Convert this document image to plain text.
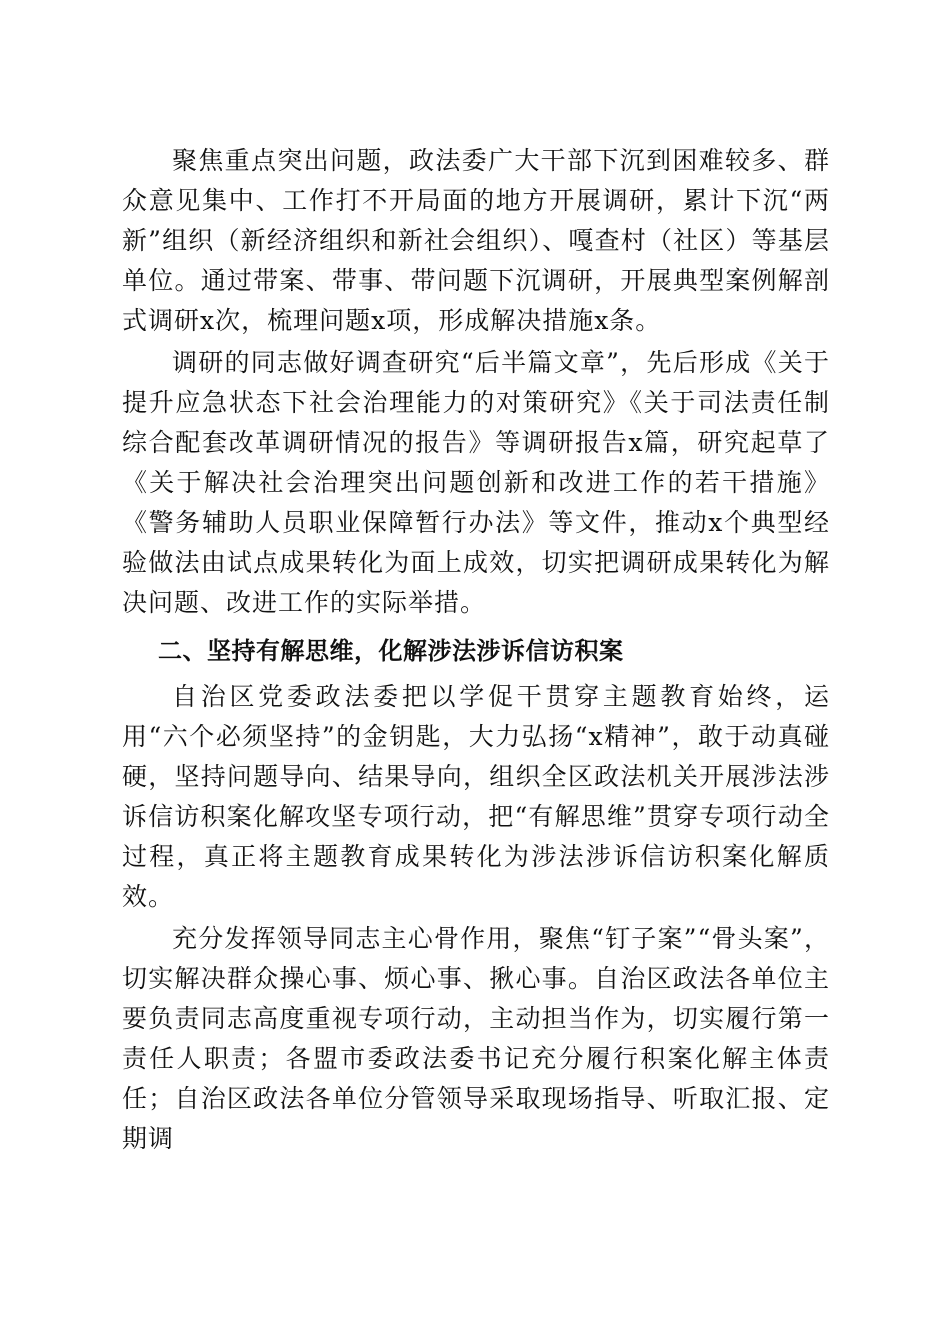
聚焦重点突出问题，政法委广大干部下沉到困难较多、群众意见集中、工作打不开局面的地方开展调研，累计下沉“两新”组织（新经济组织和新社会组织）、嘎查村（社区）等基层单位。通过带案、带事、带问题下沉调研，开展典型案例解剖式调研x次，梳理问题x项，形成解决措施x条。

调研的同志做好调查研究“后半篇文章”，先后形成《关于提升应急状态下社会治理能力的对策研究》《关于司法责任制综合配套改革调研情况的报告》等调研报告x篇，研究起草了《关于解决社会治理突出问题创新和改进工作的若干措施》《警务辅助人员职业保障暂行办法》等文件，推动x个典型经验做法由试点成果转化为面上成效，切实把调研成果转化为解决问题、改进工作的实际举措。

二、坚持有解思维，化解涉法涉诉信访积案

自治区党委政法委把以学促干贯穿主题教育始终，运用“六个必须坚持”的金钥匙，大力弘扬“x精神”，敢于动真碰硬，坚持问题导向、结果导向，组织全区政法机关开展涉法涉诉信访积案化解攻坚专项行动，把“有解思维”贯穿专项行动全过程，真正将主题教育成果转化为涉法涉诉信访积案化解质效。

充分发挥领导同志主心骨作用，聚焦“钉子案”“骨头案”，切实解决群众操心事、烦心事、揪心事。自治区政法各单位主要负责同志高度重视专项行动，主动担当作为，切实履行第一责任人职责；各盟市委政法委书记充分履行积案化解主体责任；自治区政法各单位分管领导采取现场指导、听取汇报、定期调
